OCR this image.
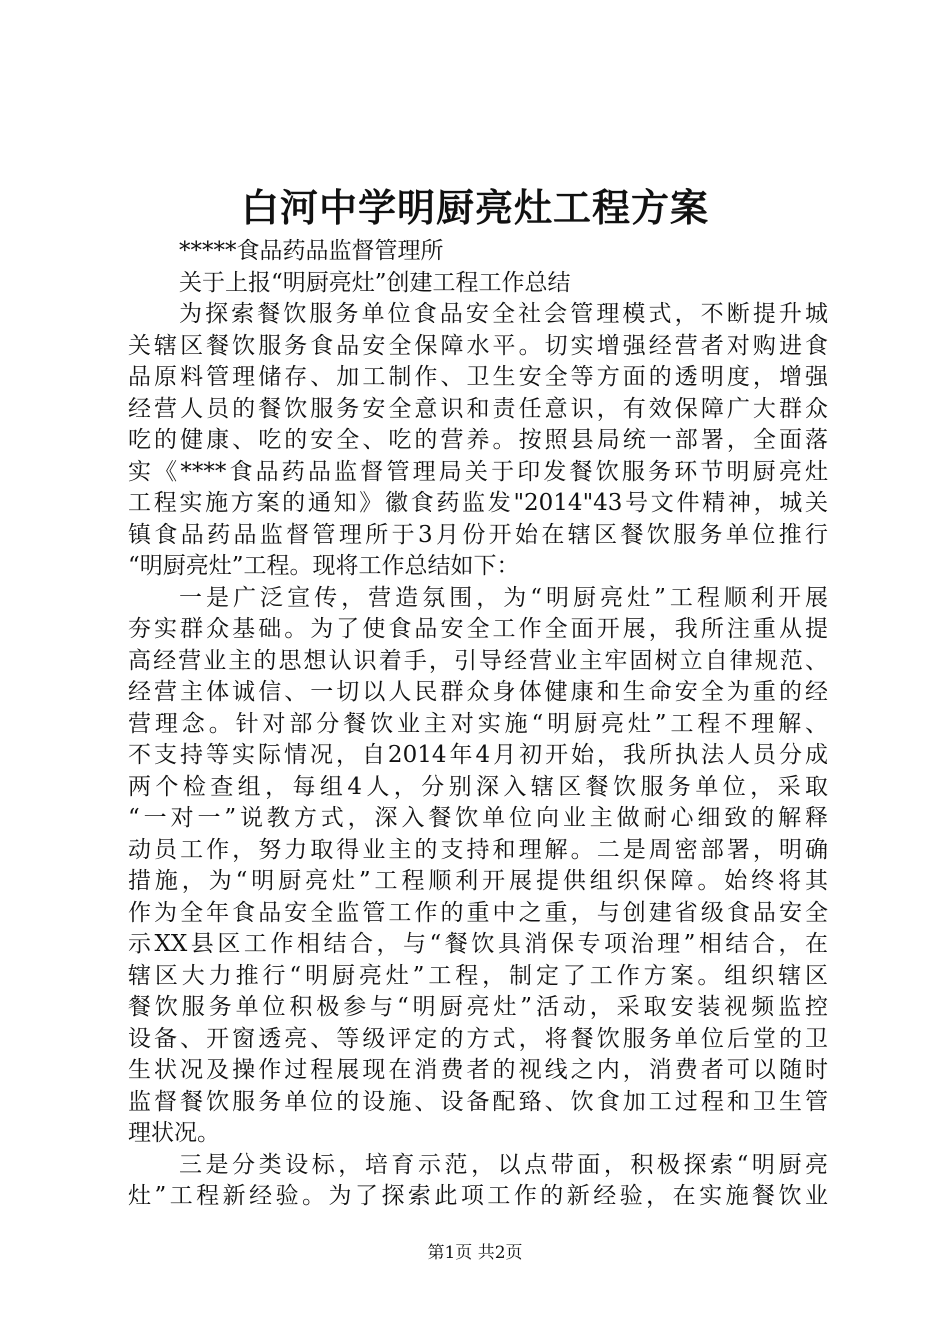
白河中学明厨亮灶工程方案
*****食品药品监督管理所
关于上报“明厨亮灶”创建工程工作总结
为探索餐饮服务单位食品安全社会管理模式，不断提升城
关辖区餐饮服务食品安全保障水平。切实增强经营者对购进食
品原料管理储存、加工制作、卫生安全等方面的透明度，增强
经营人员的餐饮服务安全意识和责任意识，有效保障广大群众
吃的健康、吃的安全、吃的营养。按照县局统一部署，全面落
实《****食品药品监督管理局关于印发餐饮服务环节明厨亮灶
工程实施方案的通知》徽食药监发"2014"43号文件精神，城关
镇食品药品监督管理所于3月份开始在辖区餐饮服务单位推行
“明厨亮灶”工程。现将工作总结如下：
一是广泛宣传，营造氛围，为“明厨亮灶”工程顺利开展
夯实群众基础。为了使食品安全工作全面开展，我所注重从提
高经营业主的思想认识着手，引导经营业主牢固树立自律规范、
经营主体诚信、一切以人民群众身体健康和生命安全为重的经
营理念。针对部分餐饮业主对实施“明厨亮灶”工程不理解、
不支持等实际情况，自2014年4月初开始，我所执法人员分成
两个检查组，每组4人，分别深入辖区餐饮服务单位，采取
“一对一”说教方式，深入餐饮单位向业主做耐心细致的解释
动员工作，努力取得业主的支持和理解。二是周密部署，明确
措施，为“明厨亮灶”工程顺利开展提供组织保障。始终将其
作为全年食品安全监管工作的重中之重，与创建省级食品安全
示XX县区工作相结合，与“餐饮具消保专项治理”相结合，在
辖区大力推行“明厨亮灶”工程，制定了工作方案。组织辖区
餐饮服务单位积极参与“明厨亮灶”活动，采取安装视频监控
设备、开窗透亮、等级评定的方式，将餐饮服务单位后堂的卫
生状况及操作过程展现在消费者的视线之内，消费者可以随时
监督餐饮服务单位的设施、设备配臵、饮食加工过程和卫生管
理状况。
三是分类设标，培育示范，以点带面，积极探索“明厨亮
灶”工程新经验。为了探索此项工作的新经验，在实施餐饮业
第1页 共2页
